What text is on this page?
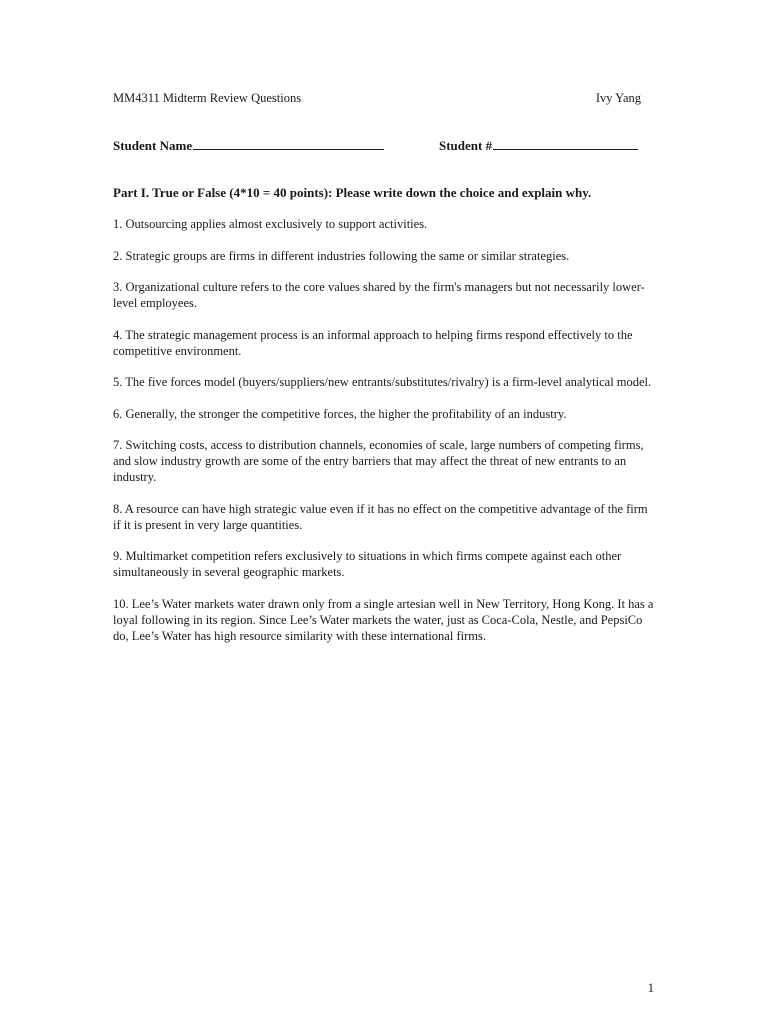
MM4311 Midterm Review Questions	Ivy Yang
Student Name	Student #
Part I. True or False (4*10 = 40 points): Please write down the choice and explain why.
1. Outsourcing applies almost exclusively to support activities.
2. Strategic groups are firms in different industries following the same or similar strategies.
3. Organizational culture refers to the core values shared by the firm's managers but not necessarily lower-level employees.
4. The strategic management process is an informal approach to helping firms respond effectively to the competitive environment.
5. The five forces model (buyers/suppliers/new entrants/substitutes/rivalry) is a firm-level analytical model.
6. Generally, the stronger the competitive forces, the higher the profitability of an industry.
7. Switching costs, access to distribution channels, economies of scale, large numbers of competing firms, and slow industry growth are some of the entry barriers that may affect the threat of new entrants to an industry.
8. A resource can have high strategic value even if it has no effect on the competitive advantage of the firm if it is present in very large quantities.
9. Multimarket competition refers exclusively to situations in which firms compete against each other simultaneously in several geographic markets.
10. Lee’s Water markets water drawn only from a single artesian well in New Territory, Hong Kong. It has a loyal following in its region. Since Lee’s Water markets the water, just as Coca-Cola, Nestle, and PepsiCo do, Lee’s Water has high resource similarity with these international firms.
1
